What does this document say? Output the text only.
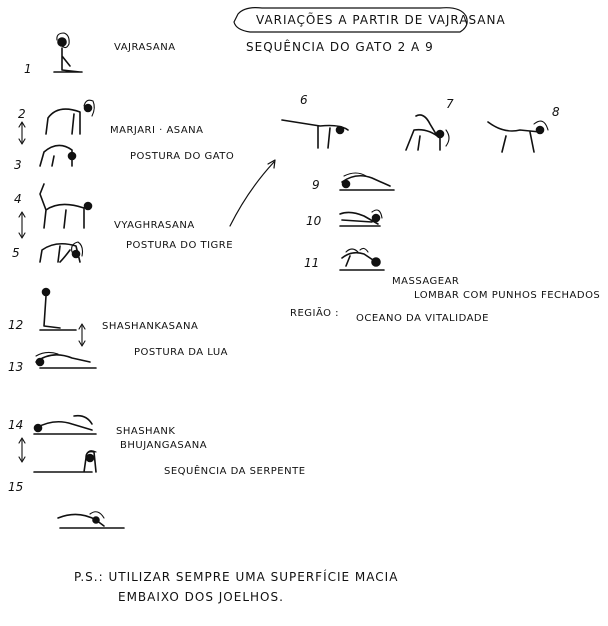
VARIAÇÕES A PARTIR DE VAJRASANA
SEQUÊNCIA DO GATO 2 A 9
1
2
3
4
5
12
13
14
15
6	7
8
9
10
11
VAJRASANA
MARJARI · ASANA
POSTURA DO GATO
VYAGHRASANA
POSTURA DO TIGRE
SHASHANKASANA
POSTURA DA LUA
SHASHANK
BHUJANGASANA
SEQUÊNCIA DA SERPENTE
MASSAGEAR
LOMBAR COM PUNHOS FECHADOS
REGIÃO : OCEANO DA VITALIDADE
P.S.: UTILIZAR SEMPRE UMA SUPERFÍCIE MACIA
EMBAIXO DOS JOELHOS.
